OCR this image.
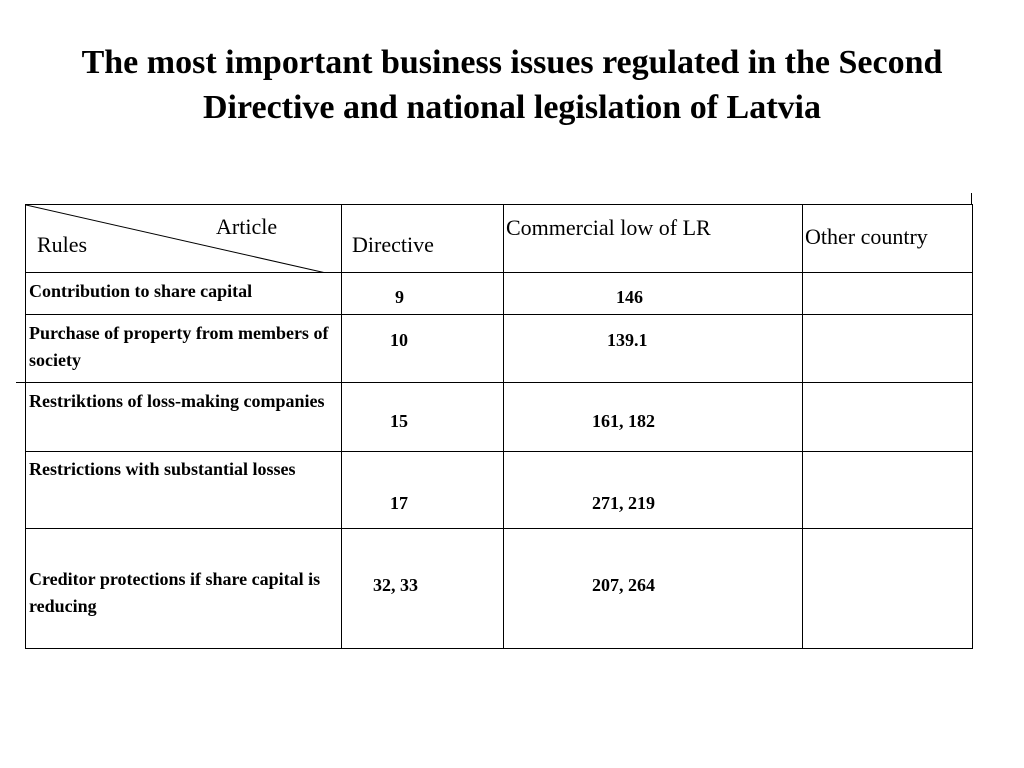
The most important business issues regulated in the Second Directive and national legislation of Latvia
Article
Rules	Directive	Commercial low of LR	Other country

Contribution to share capital	9	146	

Purchase of property from members of society	10	139.1	

Restriktions of loss-making companies	15	161, 182	

Restrictions with substantial losses	17	271, 219	

Creditor protections if share capital is reducing	32, 33	207, 264	
